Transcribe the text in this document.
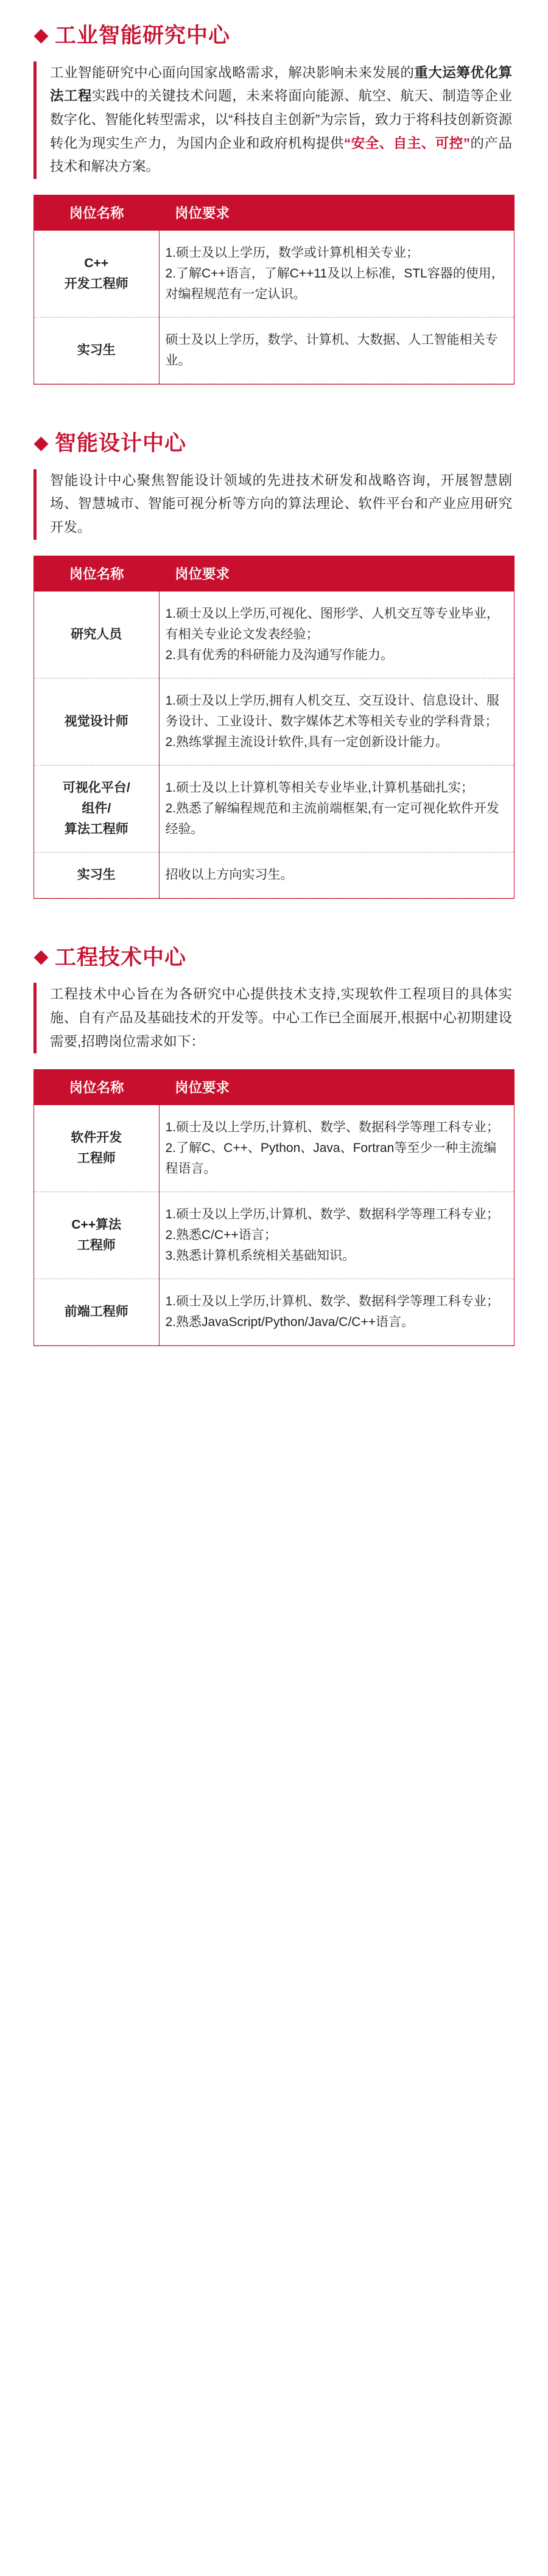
工业智能研究中心
工业智能研究中心面向国家战略需求，解决影响未来发展的重大运筹优化算法工程实践中的关键技术问题，未来将面向能源、航空、航天、制造等企业数字化、智能化转型需求，以“科技自主创新”为宗旨，致力于将科技创新资源转化为现实生产力，为国内企业和政府机构提供“安全、自主、可控”的产品技术和解决方案。
岗位名称	岗位要求

C++
开发工程师	1.硕士及以上学历，数学或计算机相关专业；
2.了解C++语言，了解C++11及以上标准，STL容器的使用，对编程规范有一定认识。

实习生	硕士及以上学历，数学、计算机、大数据、人工智能相关专业。
智能设计中心
智能设计中心聚焦智能设计领域的先进技术研发和战略咨询，开展智慧剧场、智慧城市、智能可视分析等方向的算法理论、软件平台和产业应用研究开发。
岗位名称	岗位要求

研究人员	1.硕士及以上学历,可视化、图形学、人机交互等专业毕业，有相关专业论文发表经验；
2.具有优秀的科研能力及沟通写作能力。

视觉设计师	1.硕士及以上学历,拥有人机交互、交互设计、信息设计、服务设计、工业设计、数字媒体艺术等相关专业的学科背景；
2.熟练掌握主流设计软件,具有一定创新设计能力。

可视化平台/
组件/
算法工程师	1.硕士及以上计算机等相关专业毕业,计算机基础扎实；
2.熟悉了解编程规范和主流前端框架,有一定可视化软件开发经验。

实习生	招收以上方向实习生。
工程技术中心
工程技术中心旨在为各研究中心提供技术支持,实现软件工程项目的具体实施、自有产品及基础技术的开发等。中心工作已全面展开,根据中心初期建设需要,招聘岗位需求如下：
岗位名称	岗位要求

软件开发
工程师	1.硕士及以上学历,计算机、数学、数据科学等理工科专业；
2.了解C、C++、Python、Java、Fortran等至少一种主流编程语言。

C++算法
工程师	1.硕士及以上学历,计算机、数学、数据科学等理工科专业；
2.熟悉C/C++语言；
3.熟悉计算机系统相关基础知识。

前端工程师	1.硕士及以上学历,计算机、数学、数据科学等理工科专业；
2.熟悉JavaScript/Python/Java/C/C++语言。
